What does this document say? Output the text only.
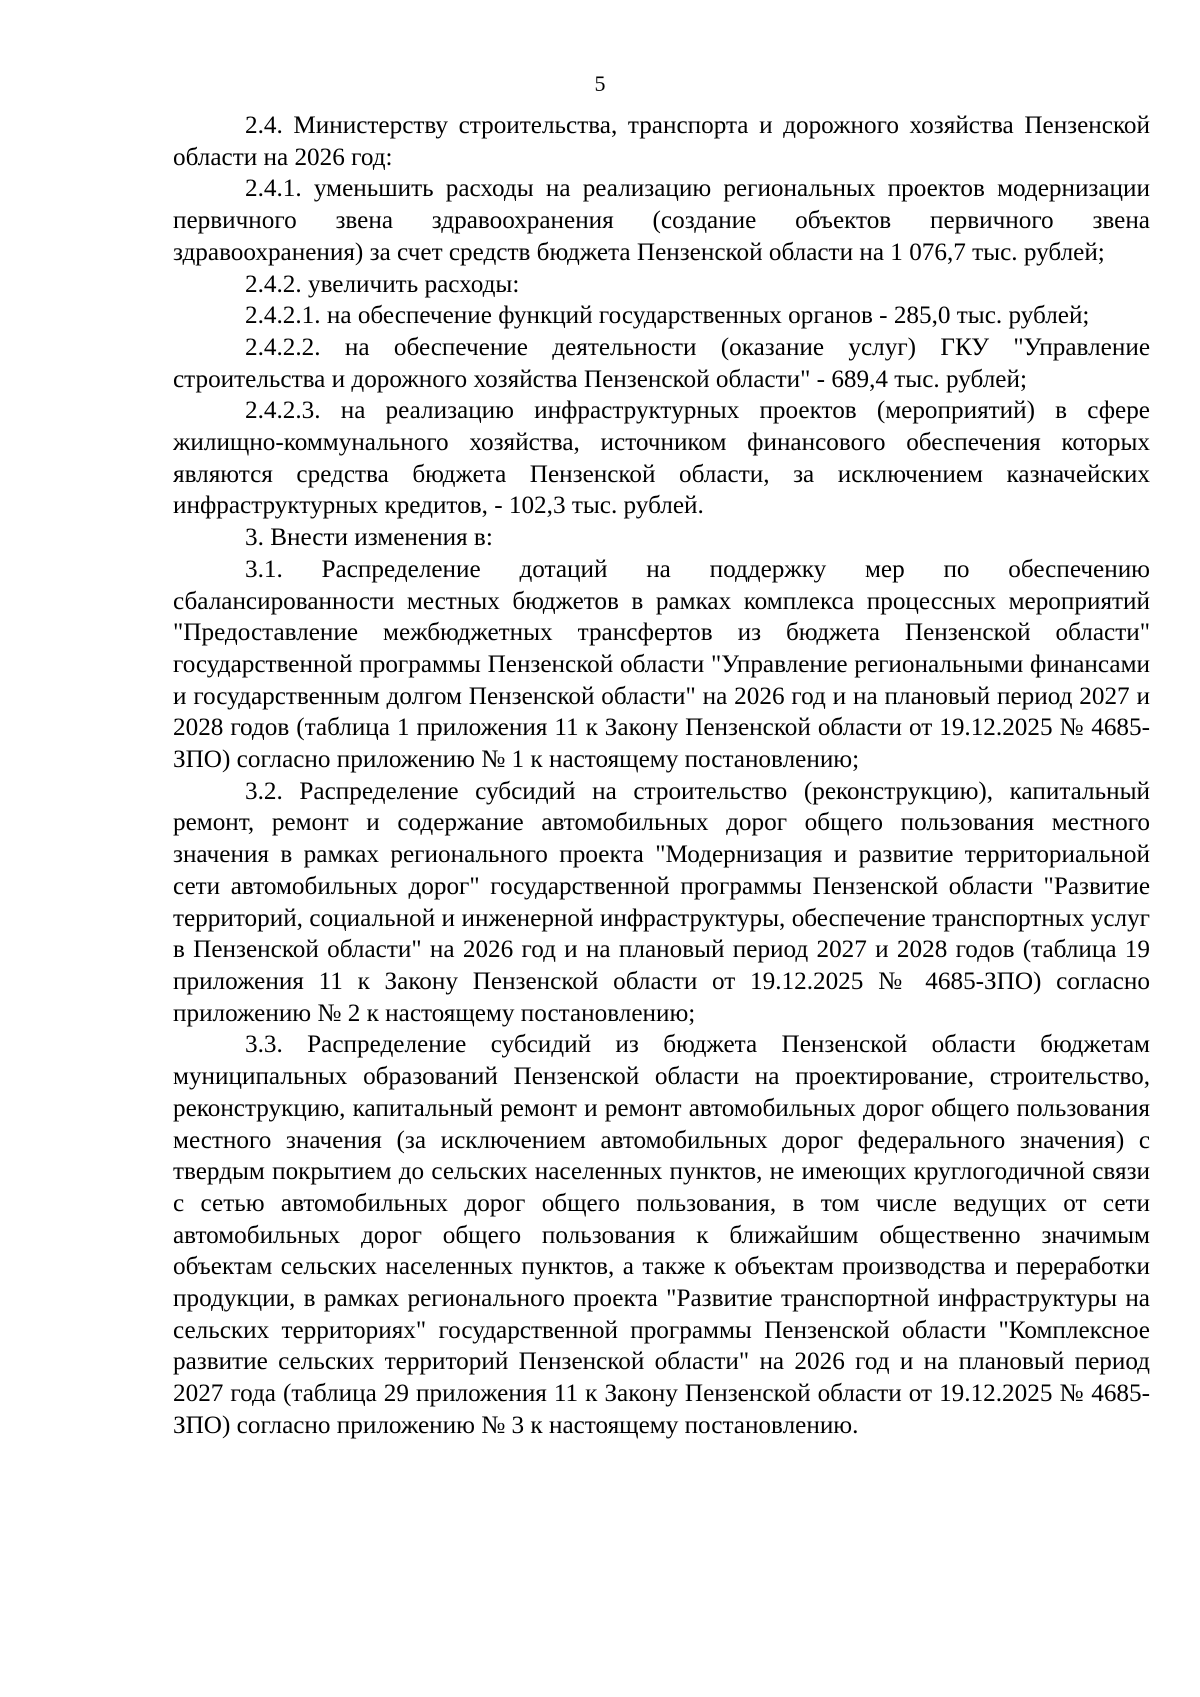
5

2.4. Министерству строительства, транспорта и дорожного хозяйства Пензенской области на 2026 год:

2.4.1. уменьшить расходы на реализацию региональных проектов модернизации первичного звена здравоохранения (создание объектов первичного звена здравоохранения) за счет средств бюджета Пензенской области на 1 076,7 тыс. рублей;

2.4.2. увеличить расходы:

2.4.2.1. на обеспечение функций государственных органов - 285,0 тыс. рублей;

2.4.2.2. на обеспечение деятельности (оказание услуг) ГКУ "Управление строительства и дорожного хозяйства Пензенской области" - 689,4 тыс. рублей;

2.4.2.3. на реализацию инфраструктурных проектов (мероприятий) в сфере жилищно-коммунального хозяйства, источником финансового обеспечения которых являются средства бюджета Пензенской области, за исключением казначейских инфраструктурных кредитов, - 102,3 тыс. рублей.

3. Внести изменения в:

3.1. Распределение дотаций на поддержку мер по обеспечению сбалансированности местных бюджетов в рамках комплекса процессных мероприятий "Предоставление межбюджетных трансфертов из бюджета Пензенской области" государственной программы Пензенской области "Управление региональными финансами и государственным долгом Пензенской области" на 2026 год и на плановый период 2027 и 2028 годов (таблица 1 приложения 11 к Закону Пензенской области от 19.12.2025 № 4685-ЗПО) согласно приложению № 1 к настоящему постановлению;

3.2. Распределение субсидий на строительство (реконструкцию), капитальный ремонт, ремонт и содержание автомобильных дорог общего пользования местного значения в рамках регионального проекта "Модернизация и развитие территориальной сети автомобильных дорог" государственной программы Пензенской области "Развитие территорий, социальной и инженерной инфраструктуры, обеспечение транспортных услуг в Пензенской области" на 2026 год и на плановый период 2027 и 2028 годов (таблица 19 приложения 11 к Закону Пензенской области от 19.12.2025 № 4685-ЗПО) согласно приложению № 2 к настоящему постановлению;

3.3. Распределение субсидий из бюджета Пензенской области бюджетам муниципальных образований Пензенской области на проектирование, строительство, реконструкцию, капитальный ремонт и ремонт автомобильных дорог общего пользования местного значения (за исключением автомобильных дорог федерального значения) с твердым покрытием до сельских населенных пунктов, не имеющих круглогодичной связи с сетью автомобильных дорог общего пользования, в том числе ведущих от сети автомобильных дорог общего пользования к ближайшим общественно значимым объектам сельских населенных пунктов, а также к объектам производства и переработки продукции, в рамках регионального проекта "Развитие транспортной инфраструктуры на сельских территориях" государственной программы Пензенской области "Комплексное развитие сельских территорий Пензенской области" на 2026 год и на плановый период 2027 года (таблица 29 приложения 11 к Закону Пензенской области от 19.12.2025 № 4685-ЗПО) согласно приложению № 3 к настоящему постановлению.
